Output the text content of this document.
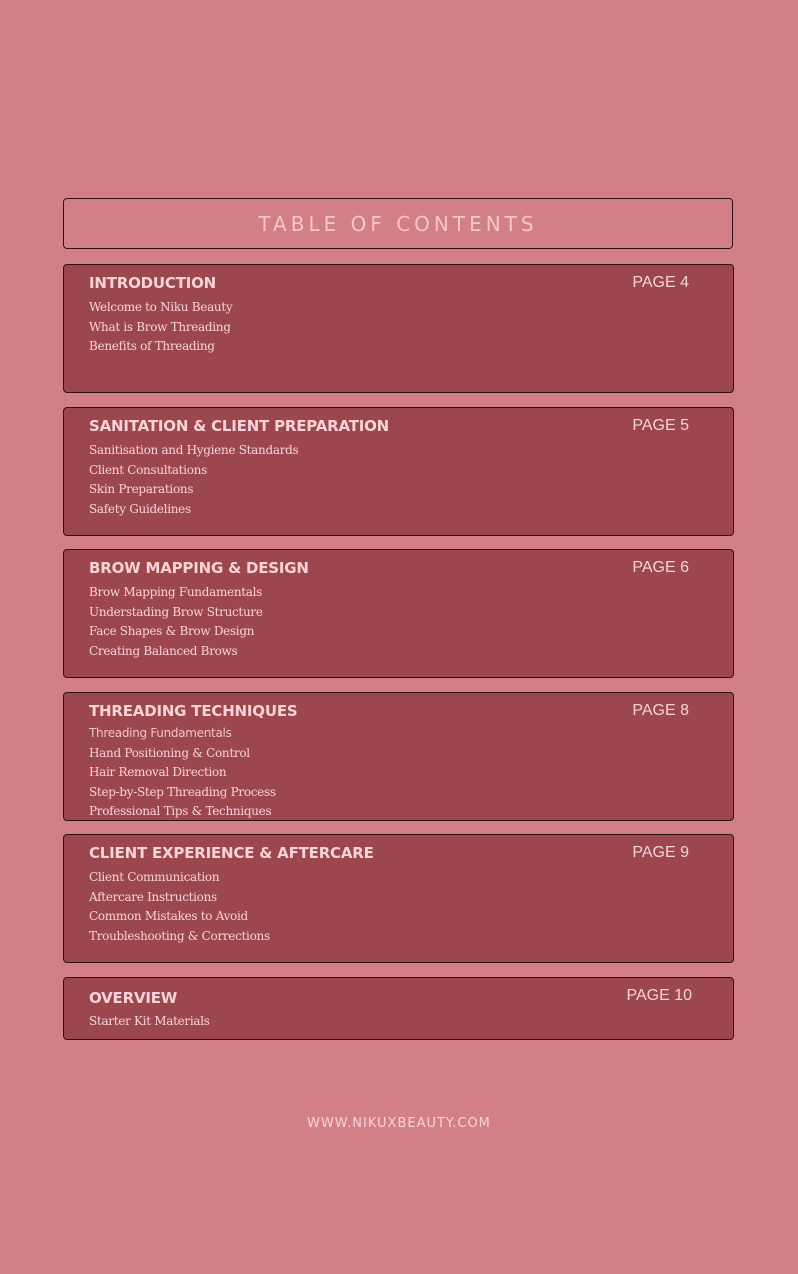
TABLE OF CONTENTS
INTRODUCTION	PAGE 4
Welcome to Niku Beauty
What is Brow Threading
Benefits of Threading
SANITATION & CLIENT PREPARATION	PAGE 5
Sanitisation and Hygiene Standards
Client Consultations
Skin Preparations
Safety Guidelines
BROW MAPPING & DESIGN	PAGE 6
Brow Mapping Fundamentals
Understading Brow Structure
Face Shapes & Brow Design
Creating Balanced Brows
THREADING TECHNIQUES	PAGE 8
Threading Fundamentals
Hand Positioning & Control
Hair Removal Direction
Step-by-Step Threading Process
Professional Tips & Techniques
CLIENT EXPERIENCE & AFTERCARE	PAGE 9
Client Communication
Aftercare Instructions
Common Mistakes to Avoid
Troubleshooting & Corrections
OVERVIEW	PAGE 10
Starter Kit Materials
WWW.NIKUXBEAUTY.COM
